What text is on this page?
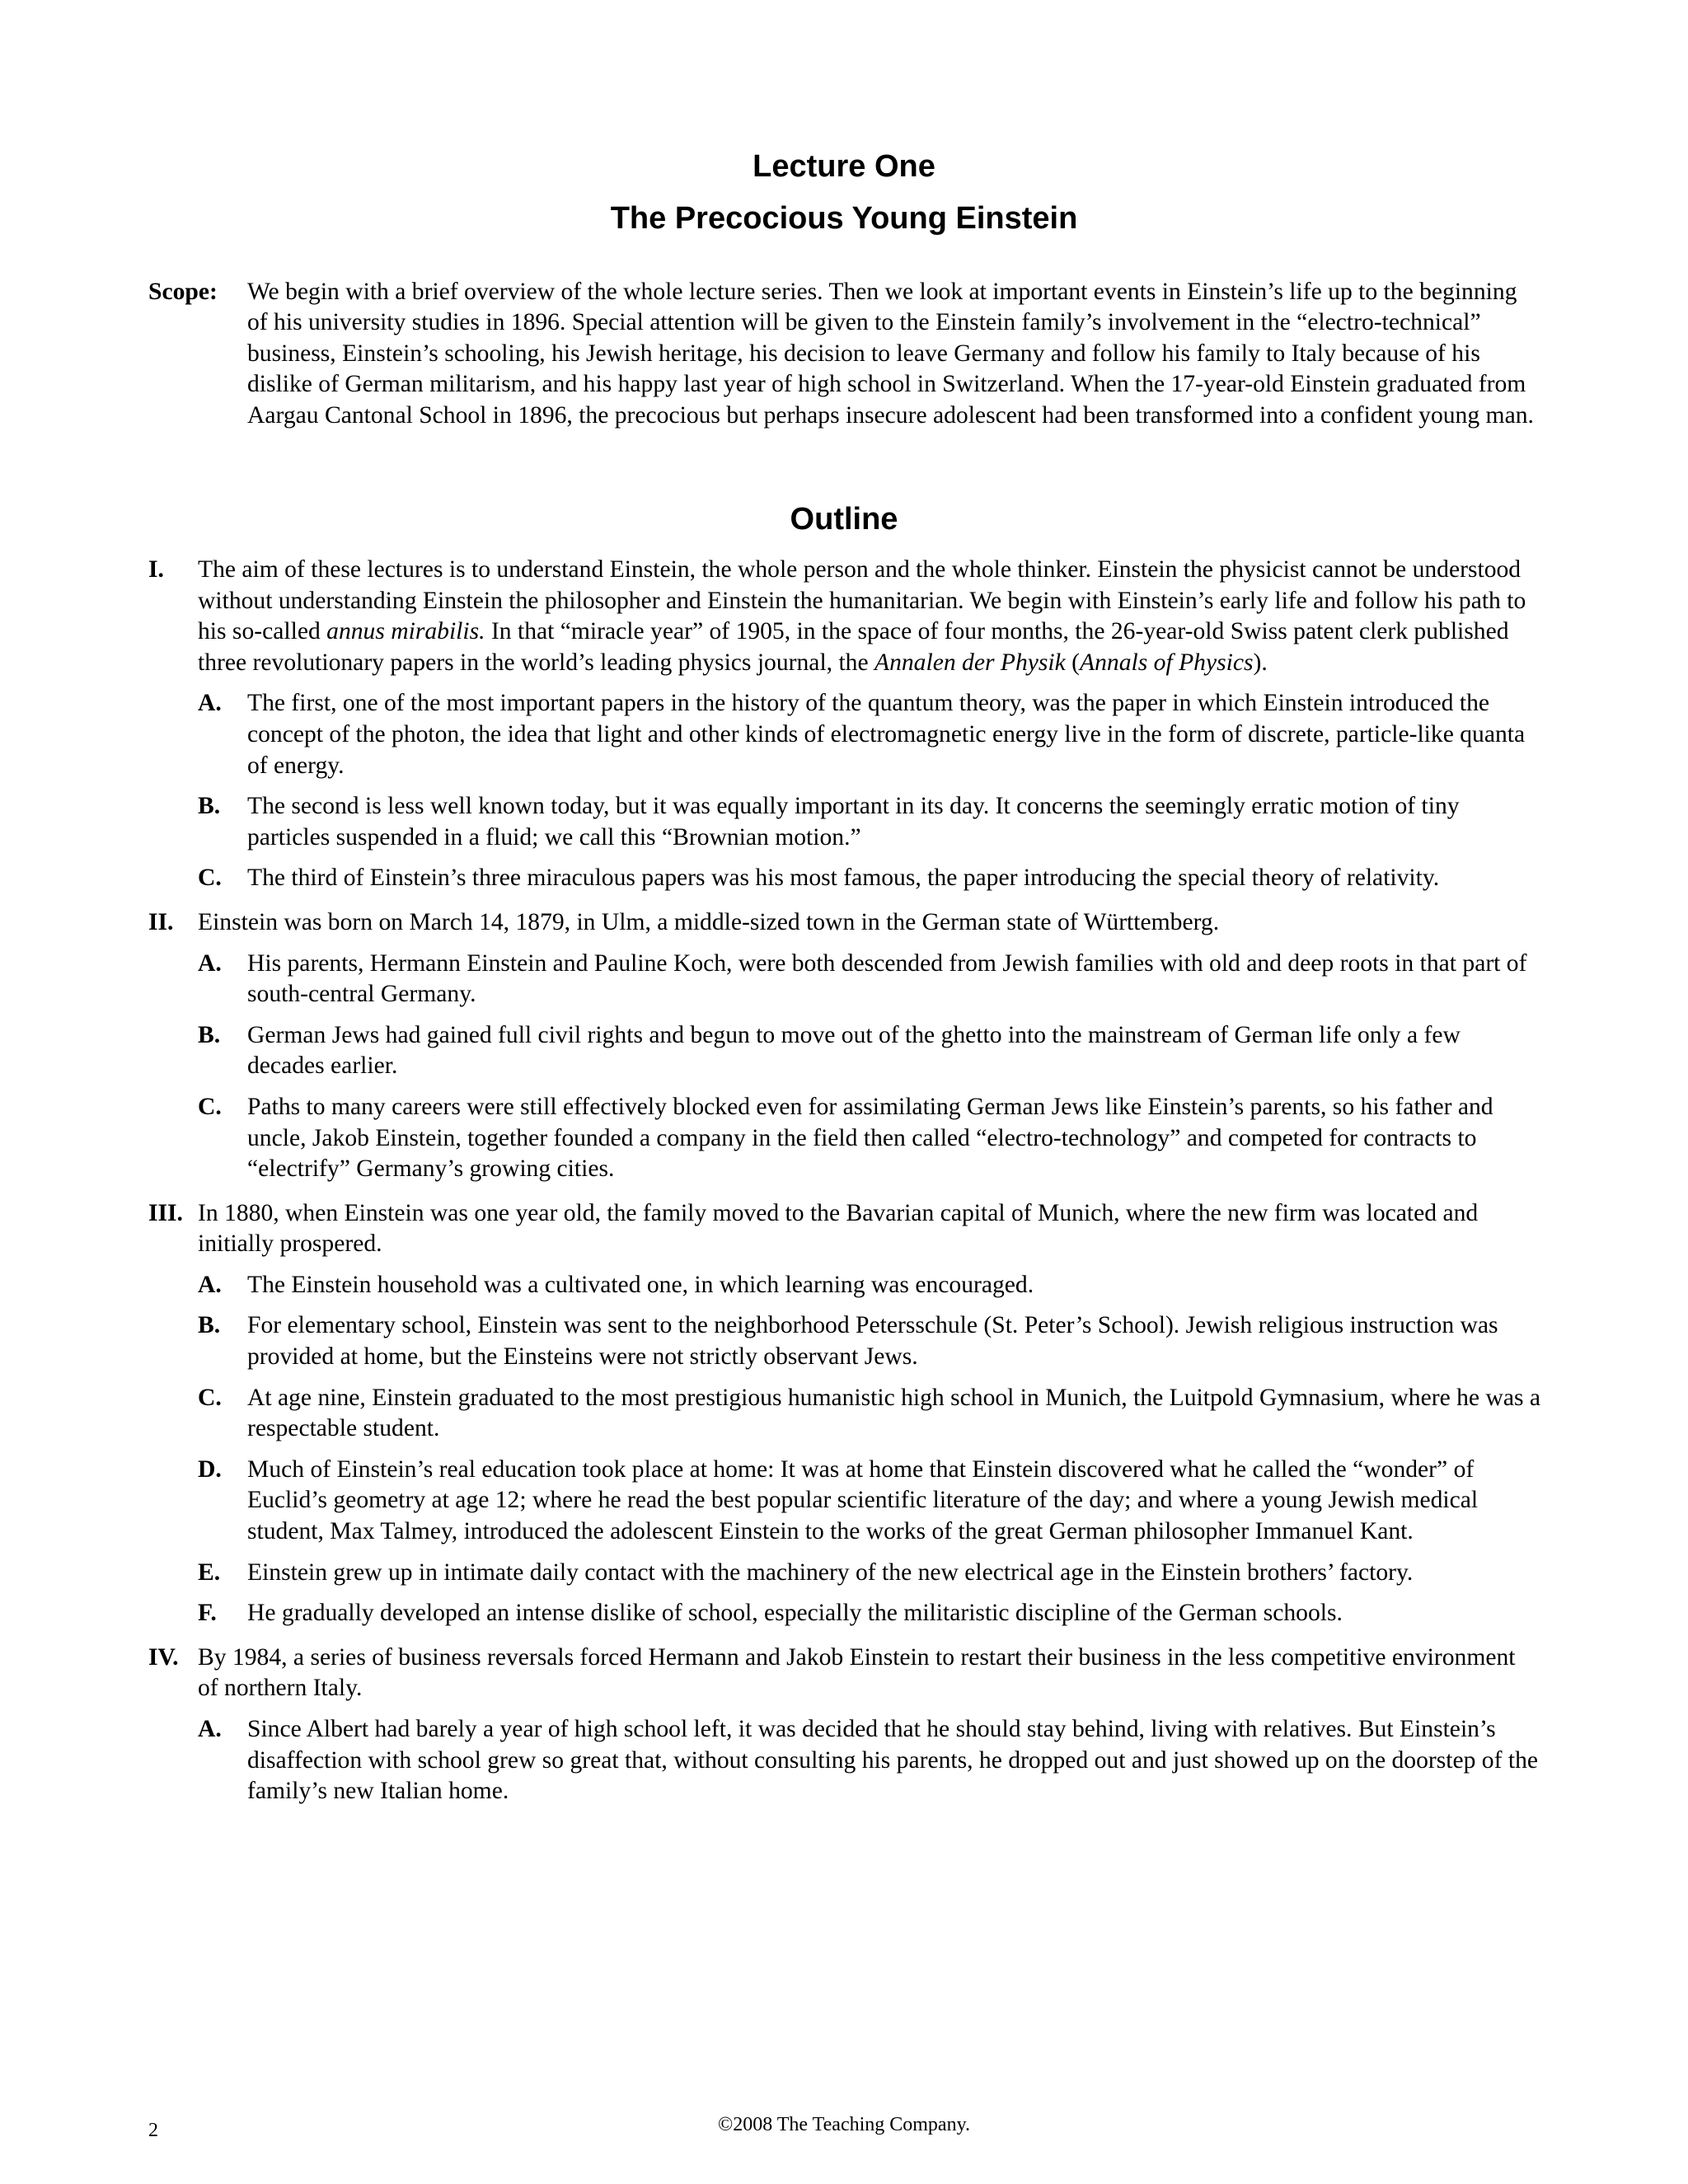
Lecture One
The Precocious Young Einstein
Scope: We begin with a brief overview of the whole lecture series. Then we look at important events in Einstein’s life up to the beginning of his university studies in 1896. Special attention will be given to the Einstein family’s involvement in the “electro-technical” business, Einstein’s schooling, his Jewish heritage, his decision to leave Germany and follow his family to Italy because of his dislike of German militarism, and his happy last year of high school in Switzerland. When the 17-year-old Einstein graduated from Aargau Cantonal School in 1896, the precocious but perhaps insecure adolescent had been transformed into a confident young man.
Outline
I. The aim of these lectures is to understand Einstein, the whole person and the whole thinker. Einstein the physicist cannot be understood without understanding Einstein the philosopher and Einstein the humanitarian. We begin with Einstein’s early life and follow his path to his so-called annus mirabilis. In that “miracle year” of 1905, in the space of four months, the 26-year-old Swiss patent clerk published three revolutionary papers in the world’s leading physics journal, the Annalen der Physik (Annals of Physics).
A. The first, one of the most important papers in the history of the quantum theory, was the paper in which Einstein introduced the concept of the photon, the idea that light and other kinds of electromagnetic energy live in the form of discrete, particle-like quanta of energy.
B. The second is less well known today, but it was equally important in its day. It concerns the seemingly erratic motion of tiny particles suspended in a fluid; we call this “Brownian motion.”
C. The third of Einstein’s three miraculous papers was his most famous, the paper introducing the special theory of relativity.
II. Einstein was born on March 14, 1879, in Ulm, a middle-sized town in the German state of Württemberg.
A. His parents, Hermann Einstein and Pauline Koch, were both descended from Jewish families with old and deep roots in that part of south-central Germany.
B. German Jews had gained full civil rights and begun to move out of the ghetto into the mainstream of German life only a few decades earlier.
C. Paths to many careers were still effectively blocked even for assimilating German Jews like Einstein’s parents, so his father and uncle, Jakob Einstein, together founded a company in the field then called “electro-technology” and competed for contracts to “electrify” Germany’s growing cities.
III. In 1880, when Einstein was one year old, the family moved to the Bavarian capital of Munich, where the new firm was located and initially prospered.
A. The Einstein household was a cultivated one, in which learning was encouraged.
B. For elementary school, Einstein was sent to the neighborhood Petersschule (St. Peter’s School). Jewish religious instruction was provided at home, but the Einsteins were not strictly observant Jews.
C. At age nine, Einstein graduated to the most prestigious humanistic high school in Munich, the Luitpold Gymnasium, where he was a respectable student.
D. Much of Einstein’s real education took place at home: It was at home that Einstein discovered what he called the “wonder” of Euclid’s geometry at age 12; where he read the best popular scientific literature of the day; and where a young Jewish medical student, Max Talmey, introduced the adolescent Einstein to the works of the great German philosopher Immanuel Kant.
E. Einstein grew up in intimate daily contact with the machinery of the new electrical age in the Einstein brothers’ factory.
F. He gradually developed an intense dislike of school, especially the militaristic discipline of the German schools.
IV. By 1984, a series of business reversals forced Hermann and Jakob Einstein to restart their business in the less competitive environment of northern Italy.
A. Since Albert had barely a year of high school left, it was decided that he should stay behind, living with relatives. But Einstein’s disaffection with school grew so great that, without consulting his parents, he dropped out and just showed up on the doorstep of the family’s new Italian home.
2	©2008 The Teaching Company.
